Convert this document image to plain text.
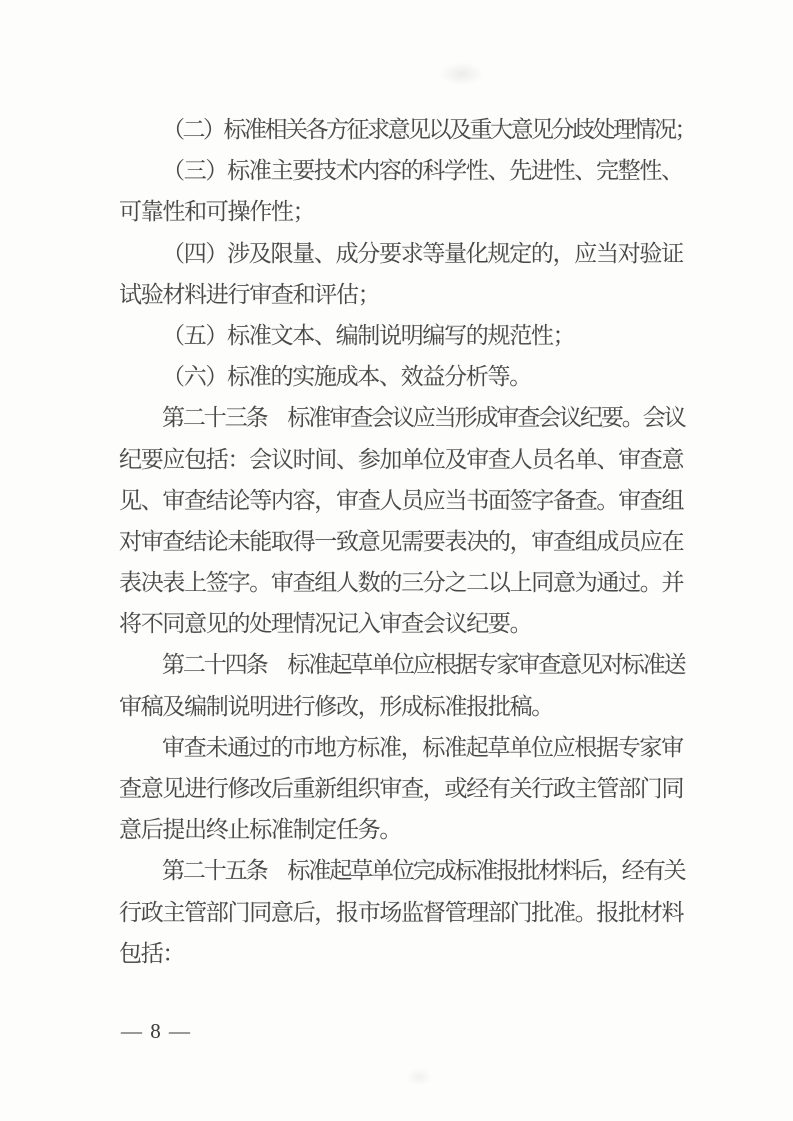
（二）标准相关各方征求意见以及重大意见分歧处理情况；
（三）标准主要技术内容的科学性、先进性、完整性、
可靠性和可操作性；
（四）涉及限量、成分要求等量化规定的，应当对验证
试验材料进行审查和评估；
（五）标准文本、编制说明编写的规范性；
（六）标准的实施成本、效益分析等。
第二十三条　标准审查会议应当形成审查会议纪要。会议
纪要应包括：会议时间、参加单位及审查人员名单、审查意
见、审查结论等内容，审查人员应当书面签字备查。审查组
对审查结论未能取得一致意见需要表决的，审查组成员应在
表决表上签字。审查组人数的三分之二以上同意为通过。并
将不同意见的处理情况记入审查会议纪要。
第二十四条　标准起草单位应根据专家审查意见对标准送
审稿及编制说明进行修改，形成标准报批稿。
审查未通过的市地方标准，标准起草单位应根据专家审
查意见进行修改后重新组织审查，或经有关行政主管部门同
意后提出终止标准制定任务。
第二十五条　标准起草单位完成标准报批材料后，经有关
行政主管部门同意后，报市场监督管理部门批准。报批材料
包括：
— 8 —
